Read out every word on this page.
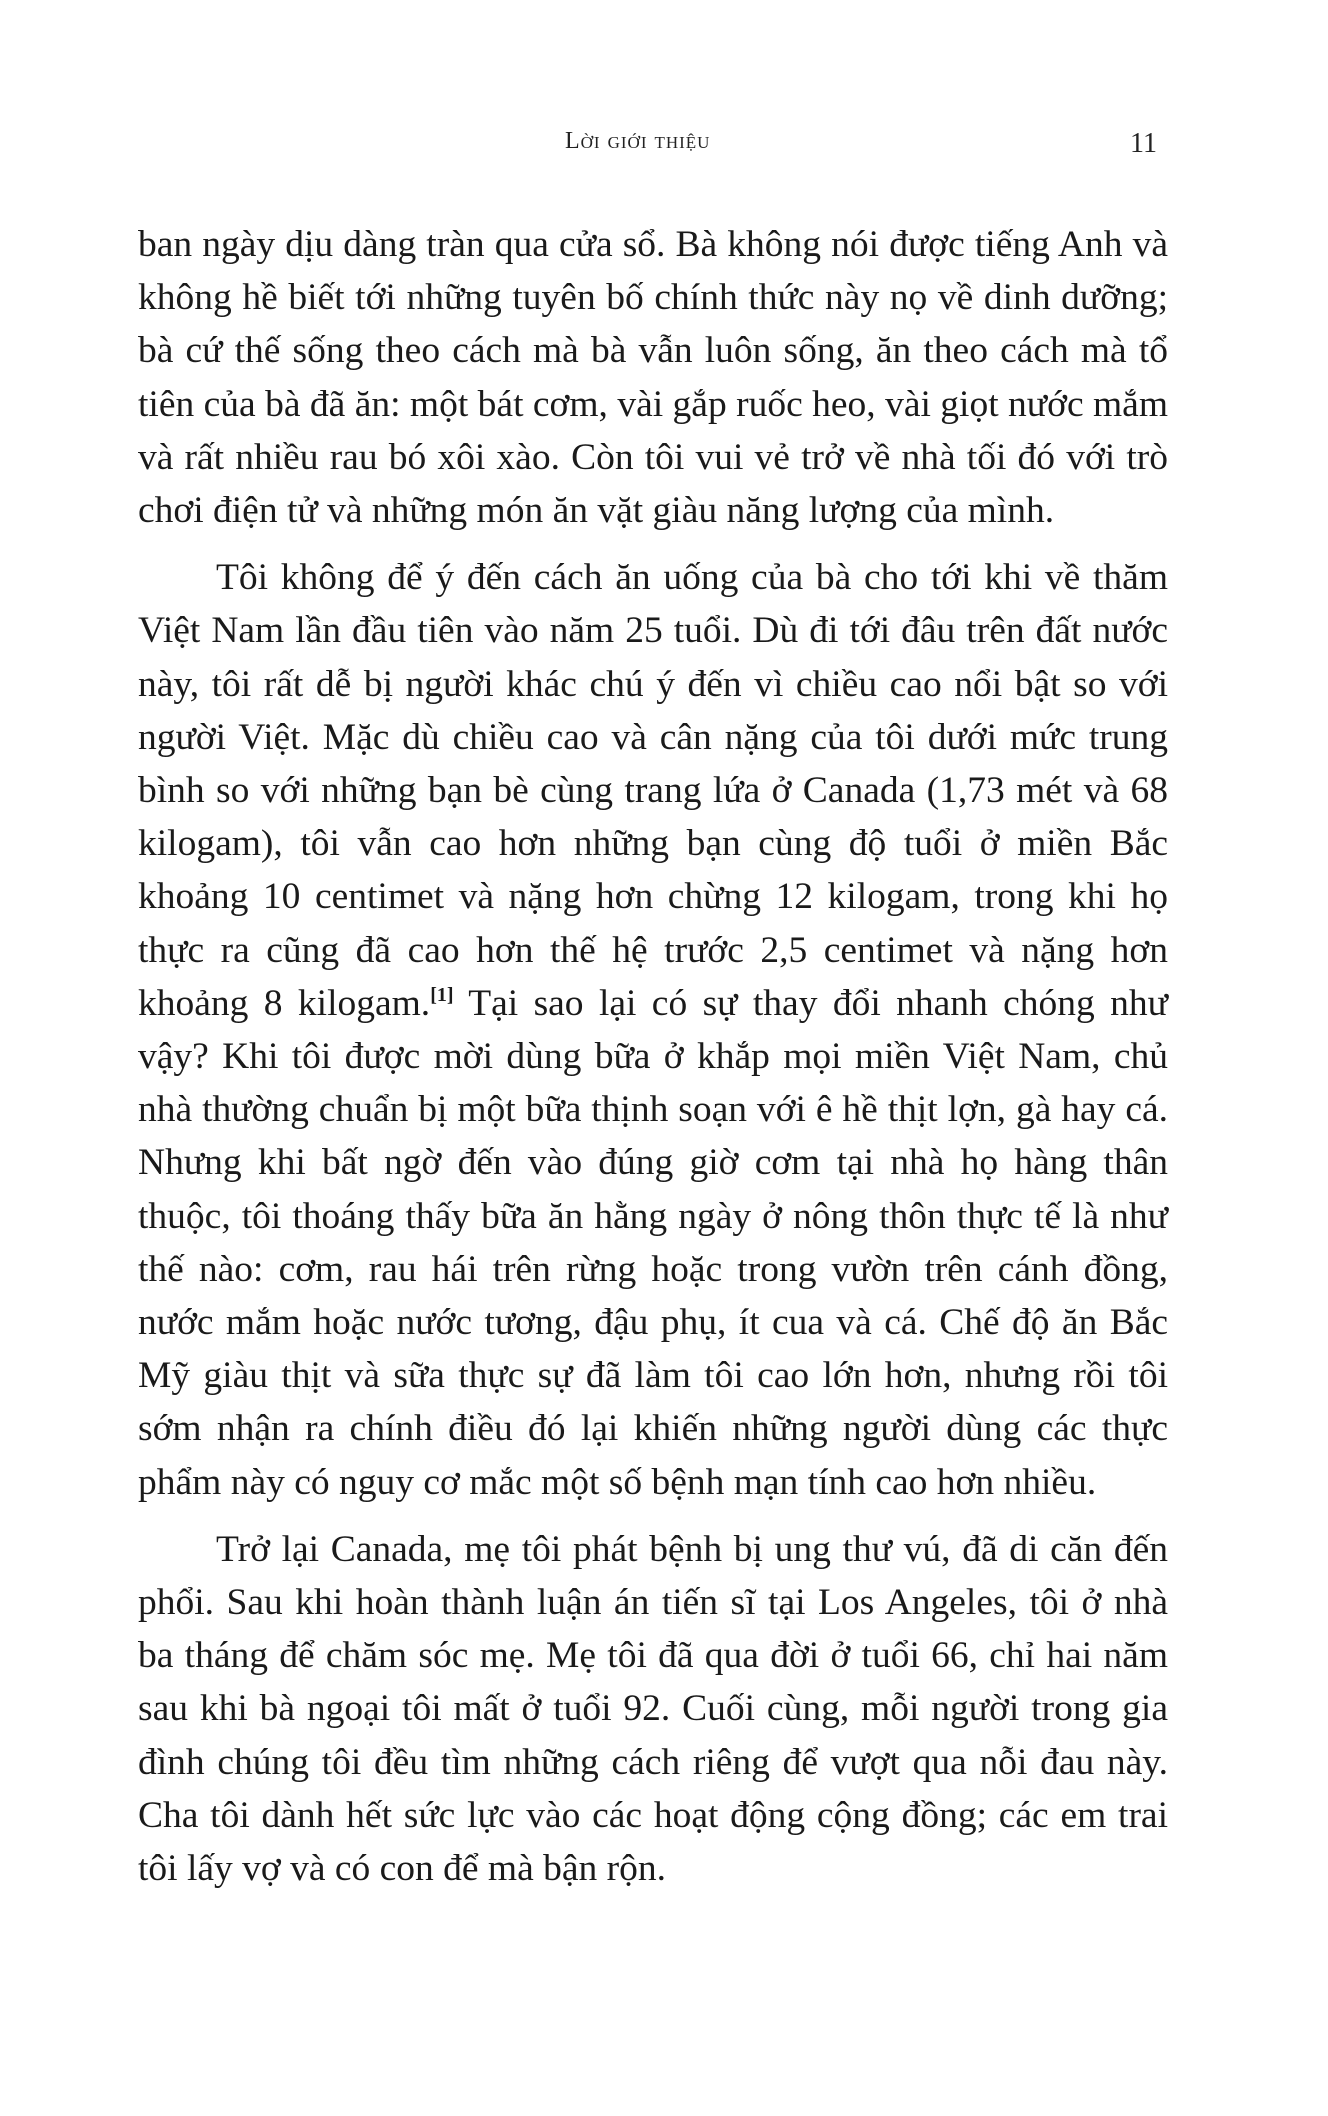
Lời giới thiệu	11

ban ngày dịu dàng tràn qua cửa sổ. Bà không nói được tiếng Anh và không hề biết tới những tuyên bố chính thức này nọ về dinh dưỡng; bà cứ thế sống theo cách mà bà vẫn luôn sống, ăn theo cách mà tổ tiên của bà đã ăn: một bát cơm, vài gắp ruốc heo, vài giọt nước mắm và rất nhiều rau bó xôi xào. Còn tôi vui vẻ trở về nhà tối đó với trò chơi điện tử và những món ăn vặt giàu năng lượng của mình.

Tôi không để ý đến cách ăn uống của bà cho tới khi về thăm Việt Nam lần đầu tiên vào năm 25 tuổi. Dù đi tới đâu trên đất nước này, tôi rất dễ bị người khác chú ý đến vì chiều cao nổi bật so với người Việt. Mặc dù chiều cao và cân nặng của tôi dưới mức trung bình so với những bạn bè cùng trang lứa ở Canada (1,73 mét và 68 kilogam), tôi vẫn cao hơn những bạn cùng độ tuổi ở miền Bắc khoảng 10 centimet và nặng hơn chừng 12 kilogam, trong khi họ thực ra cũng đã cao hơn thế hệ trước 2,5 centimet và nặng hơn khoảng 8 kilogam.[1] Tại sao lại có sự thay đổi nhanh chóng như vậy? Khi tôi được mời dùng bữa ở khắp mọi miền Việt Nam, chủ nhà thường chuẩn bị một bữa thịnh soạn với ê hề thịt lợn, gà hay cá. Nhưng khi bất ngờ đến vào đúng giờ cơm tại nhà họ hàng thân thuộc, tôi thoáng thấy bữa ăn hằng ngày ở nông thôn thực tế là như thế nào: cơm, rau hái trên rừng hoặc trong vườn trên cánh đồng, nước mắm hoặc nước tương, đậu phụ, ít cua và cá. Chế độ ăn Bắc Mỹ giàu thịt và sữa thực sự đã làm tôi cao lớn hơn, nhưng rồi tôi sớm nhận ra chính điều đó lại khiến những người dùng các thực phẩm này có nguy cơ mắc một số bệnh mạn tính cao hơn nhiều.

Trở lại Canada, mẹ tôi phát bệnh bị ung thư vú, đã di căn đến phổi. Sau khi hoàn thành luận án tiến sĩ tại Los Angeles, tôi ở nhà ba tháng để chăm sóc mẹ. Mẹ tôi đã qua đời ở tuổi 66, chỉ hai năm sau khi bà ngoại tôi mất ở tuổi 92. Cuối cùng, mỗi người trong gia đình chúng tôi đều tìm những cách riêng để vượt qua nỗi đau này. Cha tôi dành hết sức lực vào các hoạt động cộng đồng; các em trai tôi lấy vợ và có con để mà bận rộn.
